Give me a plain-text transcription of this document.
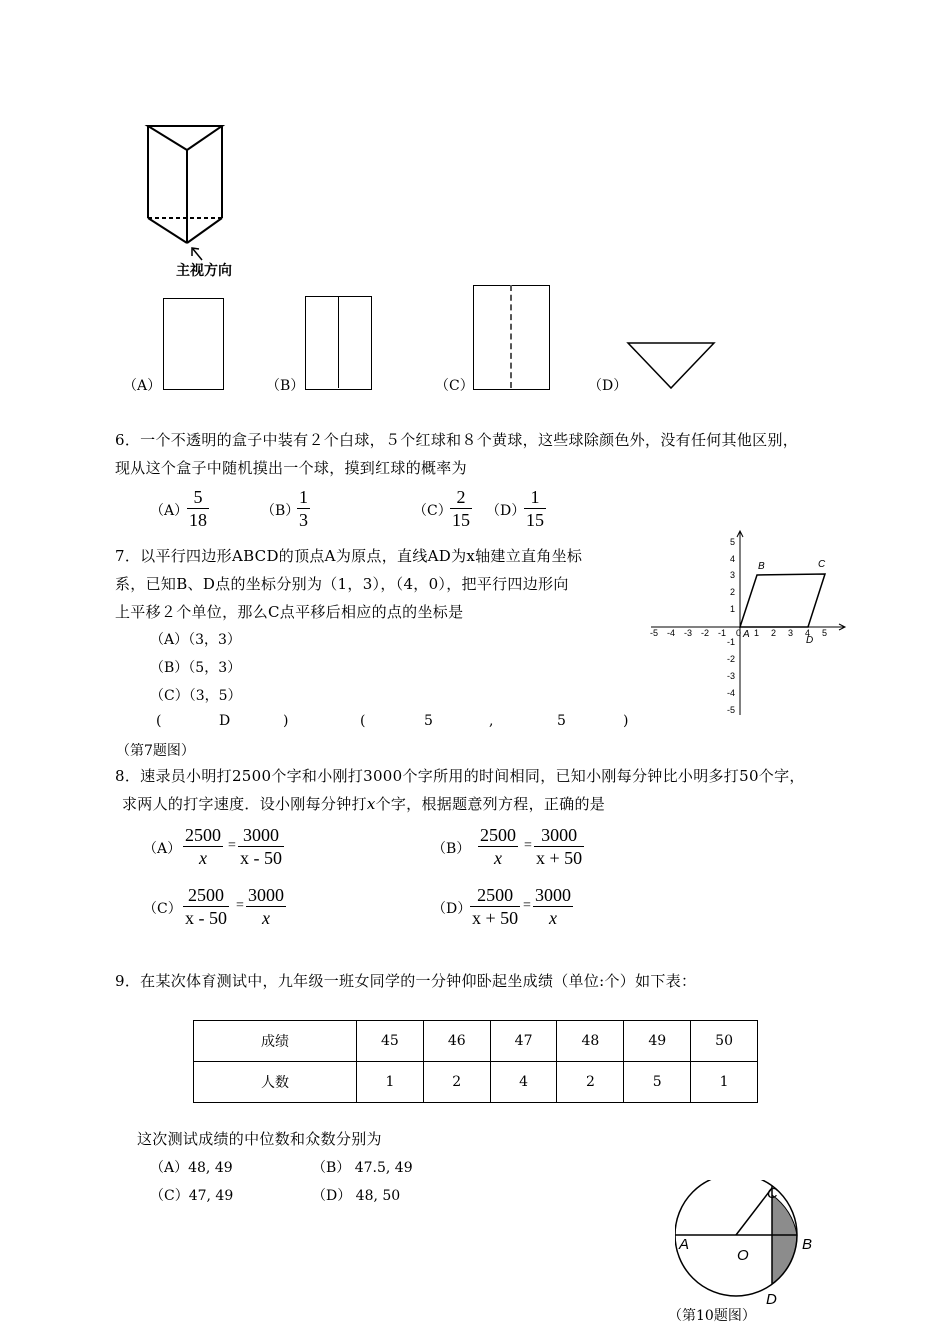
主视方向
（A）	（B）	（C）	（D）
6．一个不透明的盒子中装有２个白球，５个红球和８个黄球，这些球除颜色外，没有任何其他区别，
现从这个盒子中随机摸出一个球，摸到红球的概率为
（A）
$\frac{5}{18}$	（B）
$\frac{1}{3}$	（C）
$\frac{2}{15} (D)$
$\frac{1}{15}$
7．以平行四边形ABCD的顶点A为原点，直线AD为x轴建立直角坐标
系，已知B、D点的坐标分别为（1，3），（4，0），把平行四边形向
上平移２个单位，那么C点平移后相应的点的坐标是
（A）（3，3）
（B）（5，3）
（C）（3，5）
(	D	)	(	5	,	5	)
（第7题图）
-5 -4 -3 -2 -1 0 1 2 3 4 5
5
4
3
2
1
-1
-2
-3
-4
-5
A
B	C
D
8．速录员小明打2500个字和小刚打3000个字所用的时间相同，已知小刚每分钟比小明多打50个字，
求两人的打字速度．设小刚每分钟打x个字，根据题意列方程，正确的是
$(A) \frac{2500}{x} = \frac{3000}{x - 50}$	$(B) \frac{2500}{x} = \frac{3000}{x + 50}$
$(C) \frac{2500}{x - 50} = \frac{3000}{x}$	（D）
$\frac{2500}{x + 50} = \frac{3000}{x}$
9．在某次体育测试中，九年级一班女同学的一分钟仰卧起坐成绩（单位:个）如下表：
成绩	45	46	47	48	49	50
人数	1	2	4	2	5	1
这次测试成绩的中位数和众数分别为
（A）48, 49	（B） 47.5, 49
（C）47, 49	（D） 48, 50
A	B
C
D
O
（第10题图）
